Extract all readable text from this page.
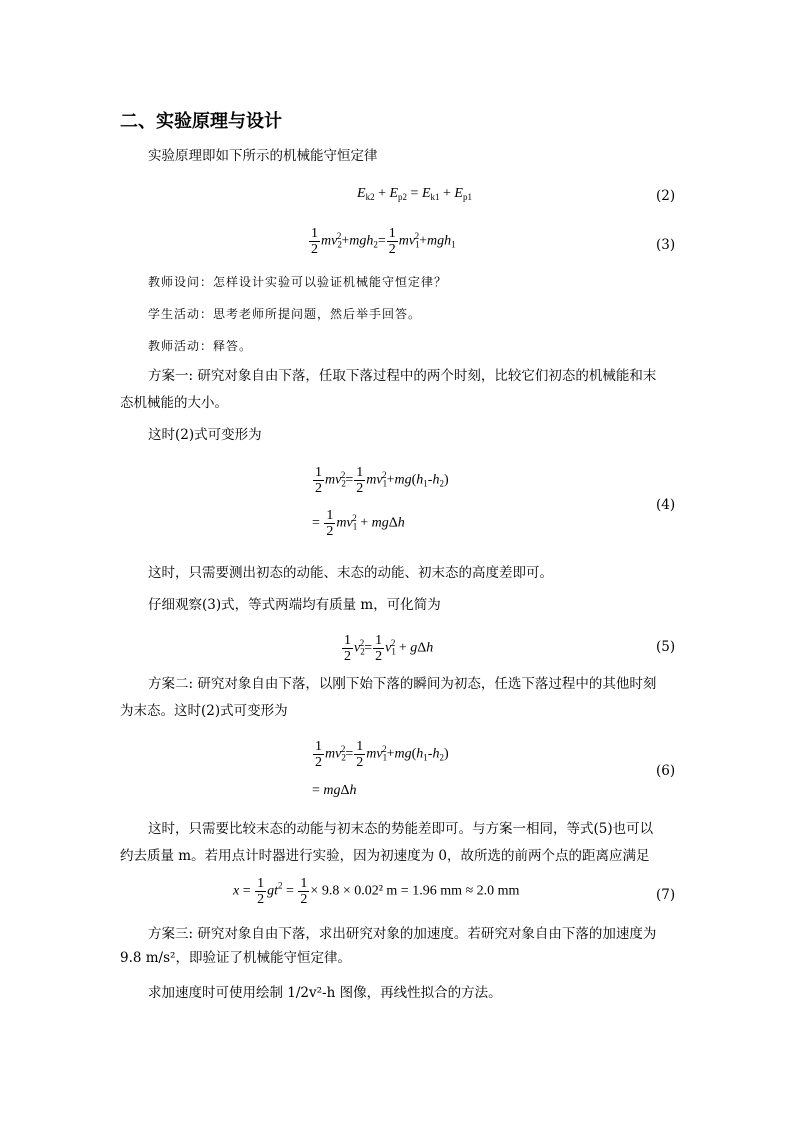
二、实验原理与设计
实验原理即如下所示的机械能守恒定律
$E_{k2} + E_{p2} = E_{k1} + E_{p1}$	(2)
$\frac{1}{2} mv_2^2+mgh_2= \frac{1}{2} mv_1^2+mgh_1$	(3)
教师设问：怎样设计实验可以验证机械能守恒定律？
学生活动：思考老师所提问题，然后举手回答。
教师活动：释答。
方案一: 研究对象自由下落，任取下落过程中的两个时刻，比较它们初态的机械能和末
态机械能的大小。
这时(2)式可变形为
$\frac{1}{2} mv_2^2= \frac{1}{2} mv_1^2+mg(h_1-h_2)$
= $\frac{1}{2} mv_1^2 + mg\Delta h$
(4)
这时，只需要测出初态的动能、末态的动能、初末态的高度差即可。
仔细观察(3)式，等式两端均有质量 m，可化简为
$\frac{1}{2} v_2^2= \frac{1}{2} v_1^2 + g\Delta h$	(5)
方案二: 研究对象自由下落，以刚下始下落的瞬间为初态，任选下落过程中的其他时刻
为末态。这时(2)式可变形为
$\frac{1}{2} mv_2^2= \frac{1}{2} mv_1^2+mg(h_1-h_2)$
= mgΔh
(6)
这时，只需要比较末态的动能与初末态的势能差即可。与方案一相同，等式(5)也可以
约去质量 m。若用点计时器进行实验，因为初速度为 0，故所选的前两个点的距离应满足
$x = \frac{1}{2} gt^2 = \frac{1}{2} \times 9.8 \times 0.02^2$ m = 1.96 mm ≈ 2.0 mm	(7)
方案三: 研究对象自由下落，求出研究对象的加速度。若研究对象自由下落的加速度为
9.8 m/s²，即验证了机械能守恒定律。
求加速度时可使用绘制 1/2v²-h 图像，再线性拟合的方法。
